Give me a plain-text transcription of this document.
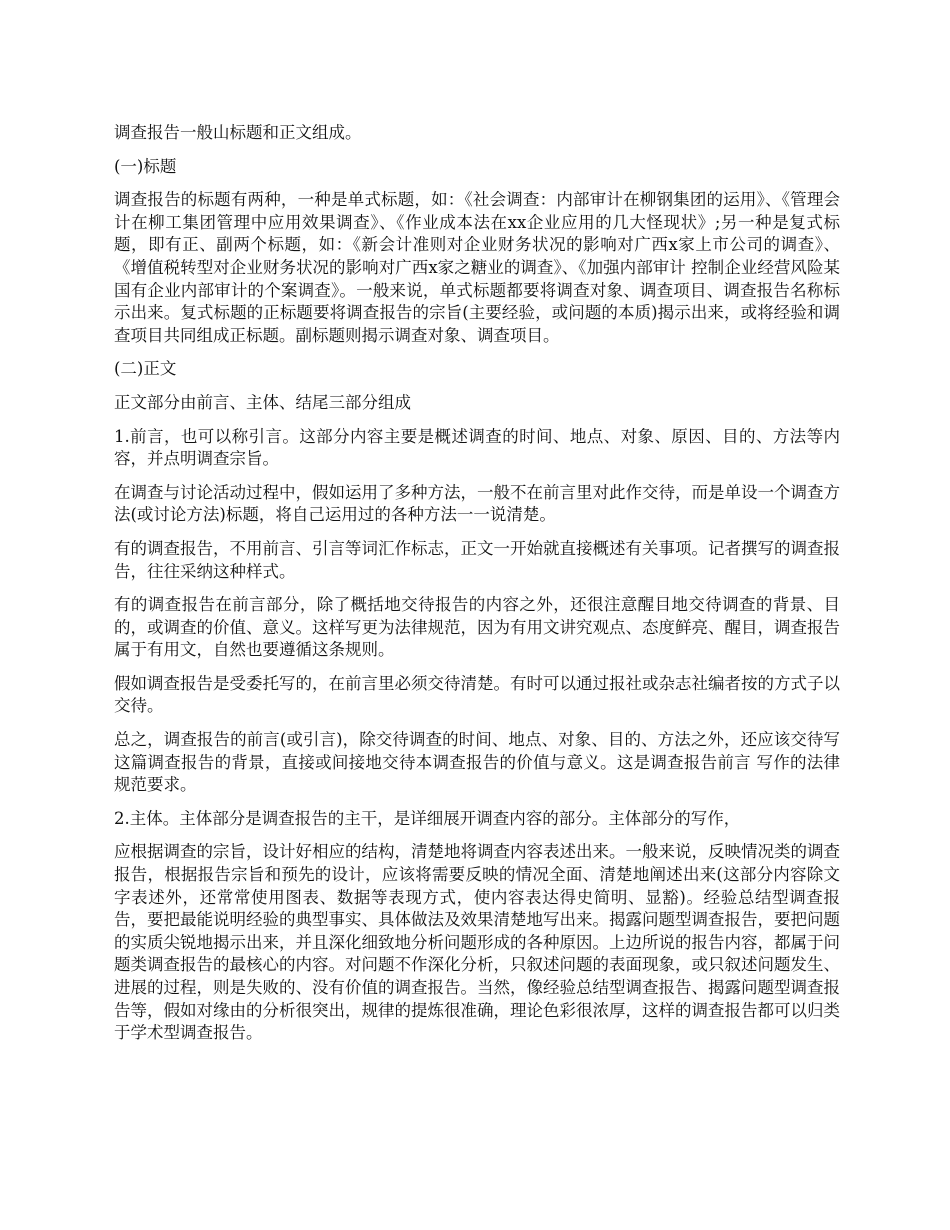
调查报告一般山标题和正文组成。

(一)标题

调查报告的标题有两种，一种是单式标题，如：《社会调查：内部审计在柳钢集团的运用》、《管理会计在柳工集团管理中应用效果调查》、《作业成本法在xx企业应用的几大怪现状》;另一种是复式标题，即有正、副两个标题，如：《新会计准则对企业财务状况的影响对广西x家上市公司的调查》、《增值税转型对企业财务状况的影响对广西x家之糖业的调查》、《加强内部审计 控制企业经营风险某国有企业内部审计的个案调查》。一般来说，单式标题都要将调查对象、调查项目、调查报告名称标示出来。复式标题的正标题要将调查报告的宗旨(主要经验，或问题的本质)揭示出来，或将经验和调查项目共同组成正标题。副标题则揭示调查对象、调查项目。

(二)正文

正文部分由前言、主体、结尾三部分组成

1.前言，也可以称引言。这部分内容主要是概述调查的时间、地点、对象、原因、目的、方法等内容，并点明调查宗旨。

在调查与讨论活动过程中，假如运用了多种方法，一般不在前言里对此作交待，而是单设一个调查方法(或讨论方法)标题，将自己运用过的各种方法一一说清楚。

有的调查报告，不用前言、引言等词汇作标志，正文一开始就直接概述有关事项。记者撰写的调查报告，往往采纳这种样式。

有的调查报告在前言部分，除了概括地交待报告的内容之外，还很注意醒目地交待调查的背景、目的，或调查的价值、意义。这样写更为法律规范，因为有用文讲究观点、态度鲜亮、醒目，调查报告属于有用文，自然也要遵循这条规则。

假如调查报告是受委托写的，在前言里必须交待清楚。有时可以通过报社或杂志社编者按的方式子以交待。

总之，调查报告的前言(或引言)，除交待调查的时间、地点、对象、目的、方法之外，还应该交待写这篇调查报告的背景，直接或间接地交待本调查报告的价值与意义。这是调查报告前言 写作的法律规范要求。

2.主体。主体部分是调查报告的主干，是详细展开调查内容的部分。主体部分的写作，

应根据调查的宗旨，设计好相应的结构，清楚地将调查内容表述出来。一般来说，反映情况类的调查报告，根据报告宗旨和预先的设计，应该将需要反映的情况全面、清楚地阐述出来(这部分内容除文字表述外，还常常使用图表、数据等表现方式，使内容表达得史简明、显豁)。经验总结型调查报告，要把最能说明经验的典型事实、具体做法及效果清楚地写出来。揭露问题型调查报告，要把问题的实质尖锐地揭示出来，并且深化细致地分析问题形成的各种原因。上边所说的报告内容，都属于问题类调查报告的最核心的内容。对问题不作深化分析，只叙述问题的表面现象，或只叙述问题发生、进展的过程，则是失败的、没有价值的调查报告。当然，像经验总结型调查报告、揭露问题型调查报告等，假如对缘由的分析很突出，规律的提炼很准确，理论色彩很浓厚，这样的调查报告都可以归类于学术型调查报告。
